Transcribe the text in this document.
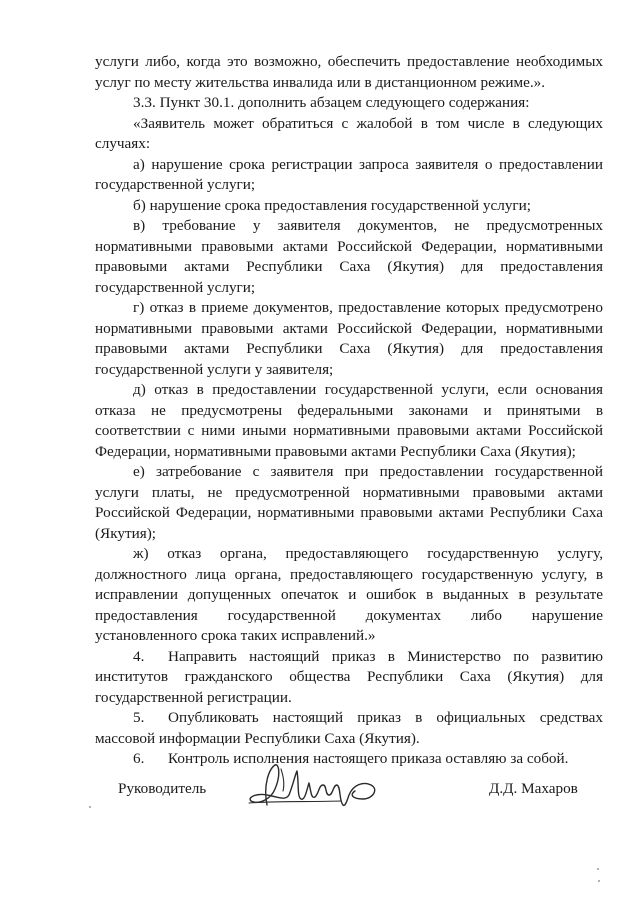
услуги либо, когда это возможно, обеспечить предоставление необходимых услуг по месту жительства инвалида или в дистанционном режиме.».

3.3. Пункт 30.1. дополнить абзацем следующего содержания:

«Заявитель может обратиться с жалобой в том числе в следующих случаях:

а) нарушение срока регистрации запроса заявителя о предоставлении государственной услуги;

б) нарушение срока предоставления государственной услуги;

в) требование у заявителя документов, не предусмотренных нормативными правовыми актами Российской Федерации, нормативными правовыми актами Республики Саха (Якутия) для предоставления государственной услуги;

г) отказ в приеме документов, предоставление которых предусмотрено нормативными правовыми актами Российской Федерации, нормативными правовыми актами Республики Саха (Якутия) для предоставления государственной услуги у заявителя;

д) отказ в предоставлении государственной услуги, если основания отказа не предусмотрены федеральными законами и принятыми в соответствии с ними иными нормативными правовыми актами Российской Федерации, нормативными правовыми актами Республики Саха (Якутия);

е) затребование с заявителя при предоставлении государственной услуги платы, не предусмотренной нормативными правовыми актами Российской Федерации, нормативными правовыми актами Республики Саха (Якутия);

ж) отказ органа, предоставляющего государственную услугу, должностного лица органа, предоставляющего государственную услугу, в исправлении допущенных опечаток и ошибок в выданных в результате предоставления государственной документах либо нарушение установленного срока таких исправлений.»

4. Направить настоящий приказ в Министерство по развитию институтов гражданского общества Республики Саха (Якутия) для государственной регистрации.

5. Опубликовать настоящий приказ в официальных средствах массовой информации Республики Саха (Якутия).

6. Контроль исполнения настоящего приказа оставляю за собой.

Руководитель	Д.Д. Махаров
